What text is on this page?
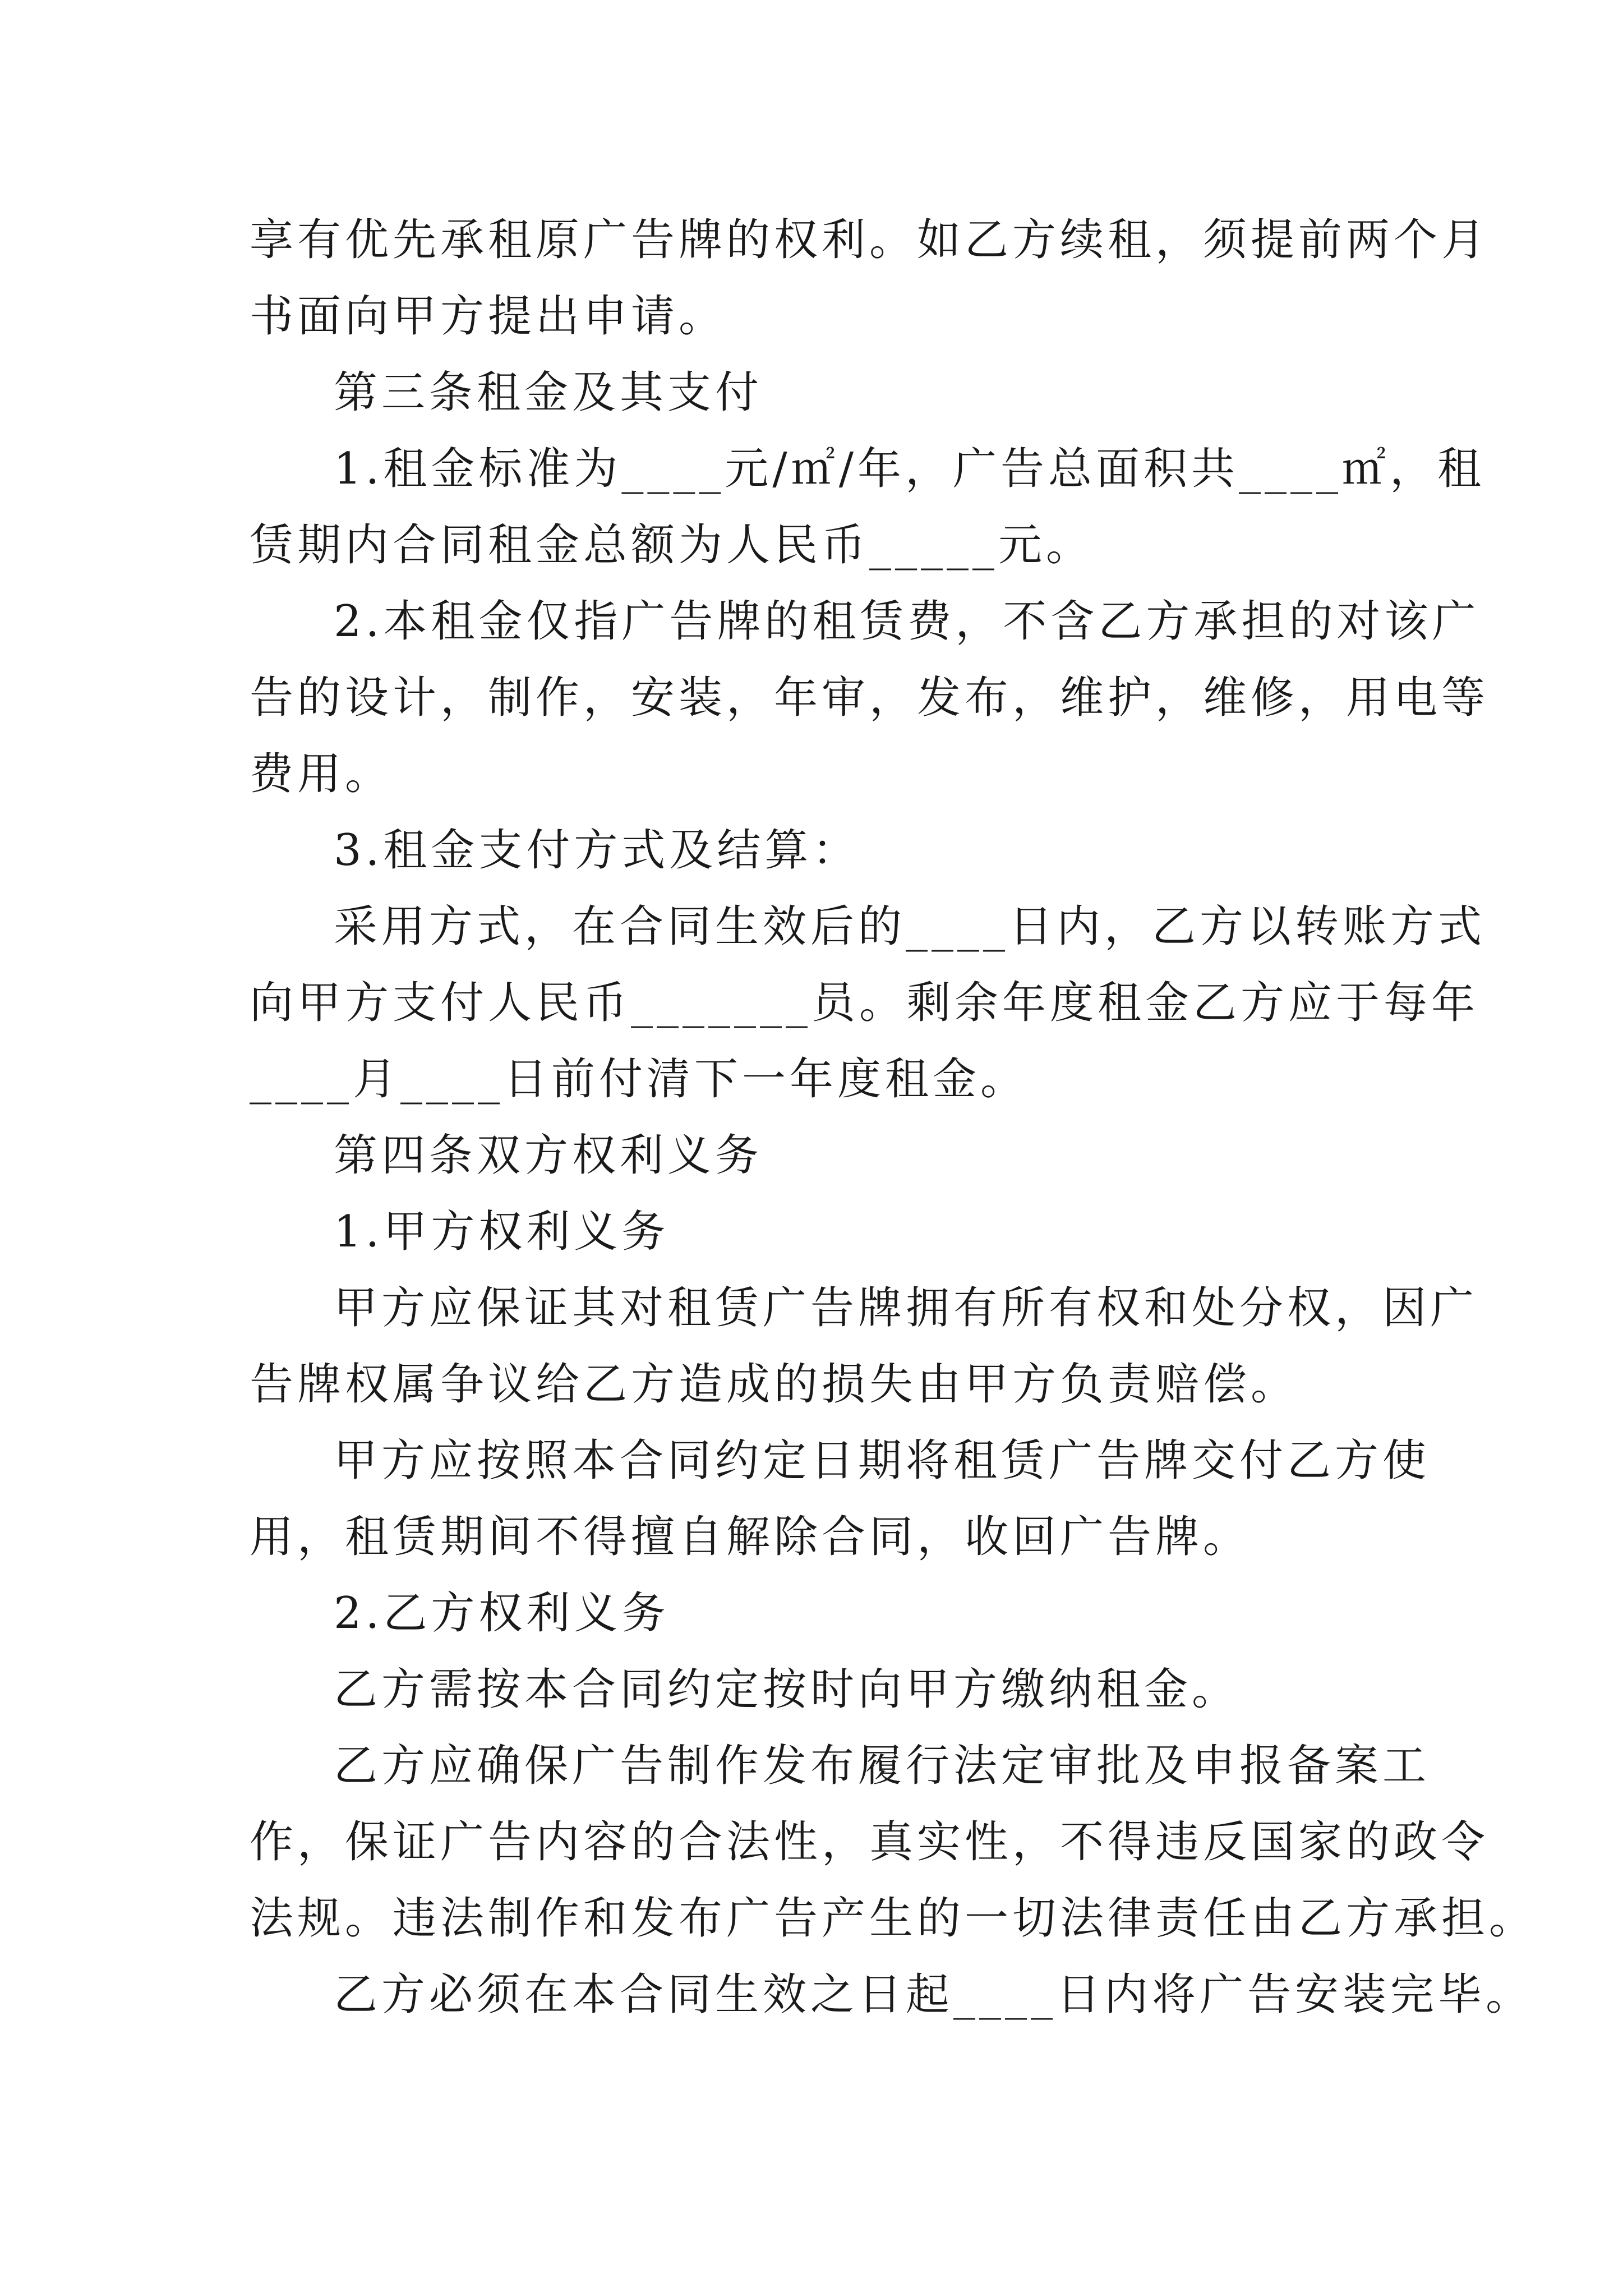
享有优先承租原广告牌的权利。如乙方续租，须提前两个月
书面向甲方提出申请。
第三条租金及其支付
1.租金标准为____元/㎡/年，广告总面积共____㎡，租
赁期内合同租金总额为人民币_____元。
2.本租金仅指广告牌的租赁费，不含乙方承担的对该广
告的设计，制作，安装，年审，发布，维护，维修，用电等
费用。
3.租金支付方式及结算：
采用方式，在合同生效后的____日内，乙方以转账方式
向甲方支付人民币_______员。剩余年度租金乙方应于每年
____月____日前付清下一年度租金。
第四条双方权利义务
1.甲方权利义务
甲方应保证其对租赁广告牌拥有所有权和处分权，因广
告牌权属争议给乙方造成的损失由甲方负责赔偿。
甲方应按照本合同约定日期将租赁广告牌交付乙方使
用，租赁期间不得擅自解除合同，收回广告牌。
2.乙方权利义务
乙方需按本合同约定按时向甲方缴纳租金。
乙方应确保广告制作发布履行法定审批及申报备案工
作，保证广告内容的合法性，真实性，不得违反国家的政令
法规。违法制作和发布广告产生的一切法律责任由乙方承担。
乙方必须在本合同生效之日起____日内将广告安装完毕。
